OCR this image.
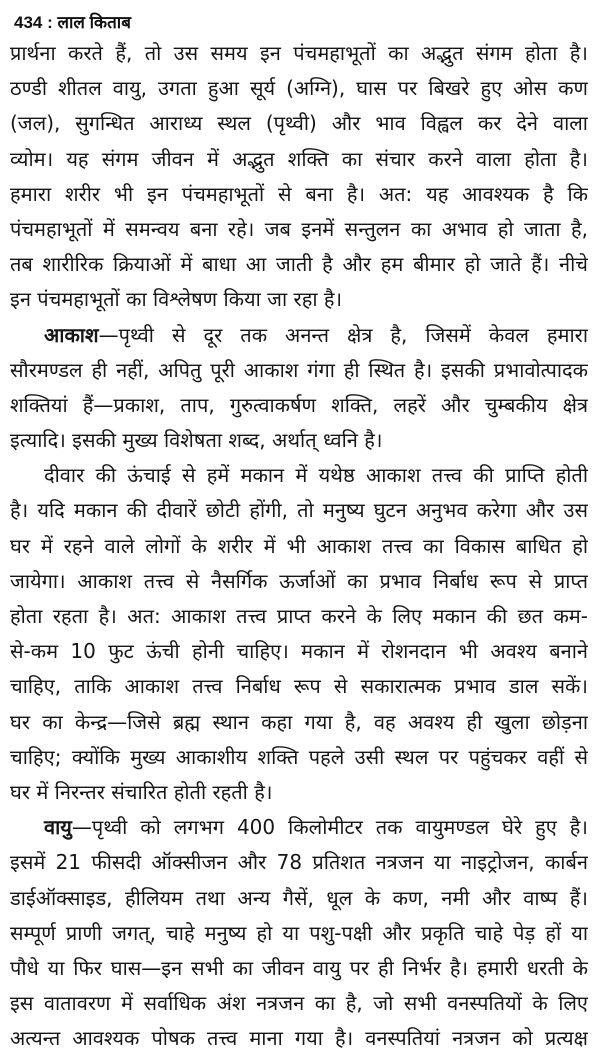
434 : लाल किताब
प्रार्थना करते हैं, तो उस समय इन पंचमहाभूतों का अद्भुत संगम होता है।
ठण्डी शीतल वायु, उगता हुआ सूर्य (अग्नि), घास पर बिखरे हुए ओस कण
(जल), सुगन्धित आराध्य स्थल (पृथ्वी) और भाव विह्वल कर देने वाला
व्योम। यह संगम जीवन में अद्भुत शक्ति का संचार करने वाला होता है।
हमारा शरीर भी इन पंचमहाभूतों से बना है। अत: यह आवश्यक है कि
पंचमहाभूतों में समन्वय बना रहे। जब इनमें सन्तुलन का अभाव हो जाता है,
तब शारीरिक क्रियाओं में बाधा आ जाती है और हम बीमार हो जाते हैं। नीचे
इन पंचमहाभूतों का विश्लेषण किया जा रहा है।
आकाश—पृथ्वी से दूर तक अनन्त क्षेत्र है, जिसमें केवल हमारा
सौरमण्डल ही नहीं, अपितु पूरी आकाश गंगा ही स्थित है। इसकी प्रभावोत्पादक
शक्तियां हैं—प्रकाश, ताप, गुरुत्वाकर्षण शक्ति, लहरें और चुम्बकीय क्षेत्र
इत्यादि। इसकी मुख्य विशेषता शब्द, अर्थात् ध्वनि है।
दीवार की ऊंचाई से हमें मकान में यथेष्ठ आकाश तत्त्व की प्राप्ति होती
है। यदि मकान की दीवारें छोटी होंगी, तो मनुष्य घुटन अनुभव करेगा और उस
घर में रहने वाले लोगों के शरीर में भी आकाश तत्त्व का विकास बाधित हो
जायेगा। आकाश तत्त्व से नैसर्गिक ऊर्जाओं का प्रभाव निर्बाध रूप से प्राप्त
होता रहता है। अत: आकाश तत्त्व प्राप्त करने के लिए मकान की छत कम-
से-कम 10 फुट ऊंची होनी चाहिए। मकान में रोशनदान भी अवश्य बनाने
चाहिए, ताकि आकाश तत्त्व निर्बाध रूप से सकारात्मक प्रभाव डाल सकें।
घर का केन्द्र—जिसे ब्रह्म स्थान कहा गया है, वह अवश्य ही खुला छोड़ना
चाहिए; क्योंकि मुख्य आकाशीय शक्ति पहले उसी स्थल पर पहुंचकर वहीं से
घर में निरन्तर संचारित होती रहती है।
वायु—पृथ्वी को लगभग 400 किलोमीटर तक वायुमण्डल घेरे हुए है।
इसमें 21 फीसदी ऑक्सीजन और 78 प्रतिशत नत्रजन या नाइट्रोजन, कार्बन
डाईऑक्साइड, हीलियम तथा अन्य गैसें, धूल के कण, नमी और वाष्प हैं।
सम्पूर्ण प्राणी जगत्, चाहे मनुष्य हो या पशु-पक्षी और प्रकृति चाहे पेड़ हों या
पौधे या फिर घास—इन सभी का जीवन वायु पर ही निर्भर है। हमारी धरती के
इस वातावरण में सर्वाधिक अंश नत्रजन का है, जो सभी वनस्पतियों के लिए
अत्यन्त आवश्यक पोषक तत्त्व माना गया है। वनस्पतियां नत्रजन को प्रत्यक्ष
